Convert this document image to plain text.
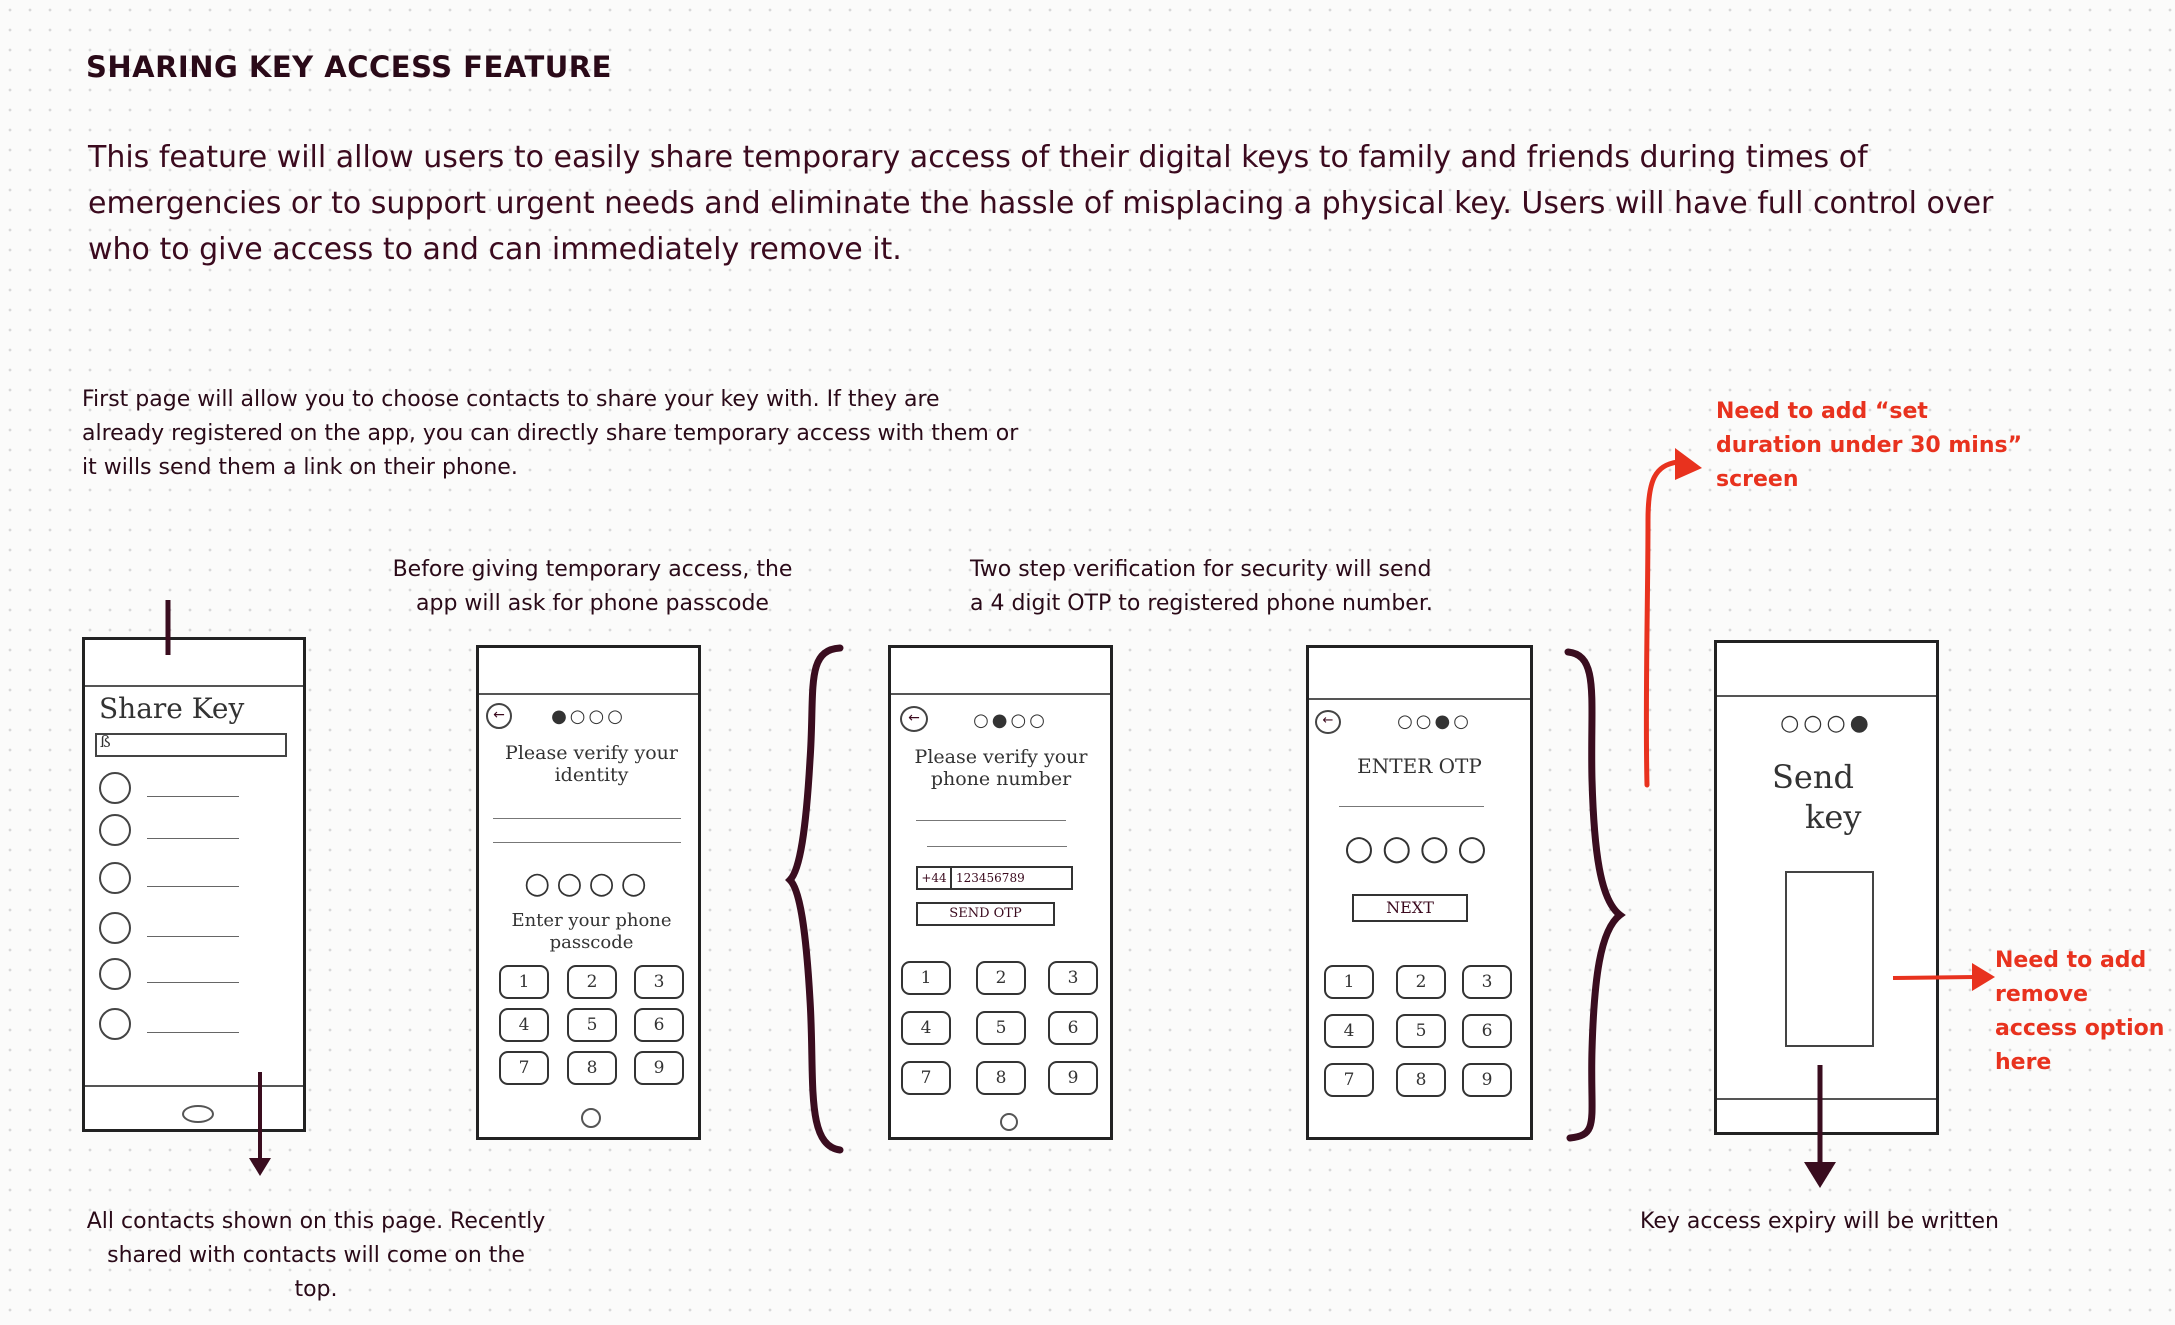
SHARING KEY ACCESS FEATURE
This feature will allow users to easily share temporary access of their digital keys to family and friends during times of emergencies or to support urgent needs and eliminate the hassle of misplacing a physical key. Users will have full control over who to give access to and can immediately remove it.
First page will allow you to choose contacts to share your key with. If they are already registered on the app, you can directly share temporary access with them or it wills send them a link on their phone.
Before giving temporary access, the app will ask for phone passcode
Two step verification for security will send a 4 digit OTP to registered phone number.
All contacts shown on this page. Recently shared with contacts will come on the top.
Key access expiry will be written
Need to add “set duration under 30 mins” screen
Need to add remove access option here
Share Key
ß
←	●○○○
Please verify your identity
○○○○
Enter your phone passcode
1	2	3
4	5	6
7	8	9
←	○●○○
Please verify your phone number
+44 123456789
SEND OTP
1	2	3
4	5	6
7	8	9
←	○○●○
ENTER OTP
○○○○
NEXT
1	2	3
4	5	6
7	8	9
○○○●
Send
key
